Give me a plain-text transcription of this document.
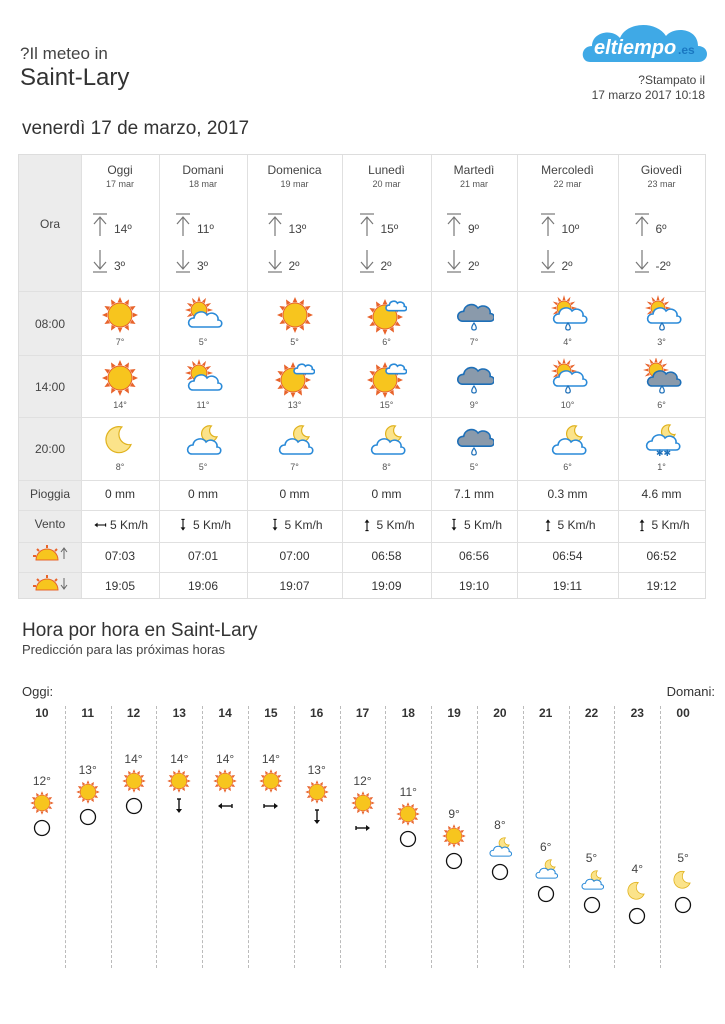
?Il meteo in
Saint-Lary
eltiempo .es
?Stampato il
17 marzo 2017 10:18
venerdì 17 de marzo, 2017
Ora
08:00
14:00
20:00
Pioggia
Vento
Oggi
17 mar
14º
3º
7°
14°
8°
0 mm
5 Km/h
07:03
19:05
Domani
18 mar
11º
3º
5°
11°
5°
0 mm
5 Km/h
07:01
19:06
Domenica
19 mar
13º
2º
5°
13°
7°
0 mm
5 Km/h
07:00
19:07
Lunedì
20 mar
15º
2º
6°
15°
8°
0 mm
5 Km/h
06:58
19:09
Martedì
21 mar
9º
2º
7°
9°
5°
7.1 mm
5 Km/h
06:56
19:10
Mercoledì
22 mar
10º
2º
4°
10°
6°
0.3 mm
5 Km/h
06:54
19:11
Giovedì
23 mar
6º
-2º
3°
6°
✱✱
1°
4.6 mm
5 Km/h
06:52
19:12
Hora por hora en Saint-Lary
Predicción para las próximas horas
Oggi:	Domani:
10
12°
11
13°
12
14°
13
14°
14
14°
15
14°
16
13°
17
12°
18
11°
19
9°
20
8°
21
6°
22
5°
23
4°
00
5°
